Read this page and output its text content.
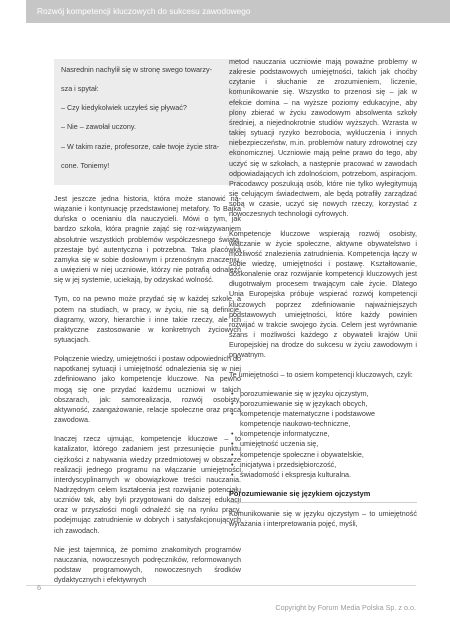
Rozwój kompetencji kluczowych do sukcesu zawodowego

Nasrednin nachylił się w stronę swego towarzy-

sza i spytał:

– Czy kiedykolwiek uczyłeś się pływać?

– Nie – zawołał uczony.

– W takim razie, profesorze, całe twoje życie stra-

cone. Toniemy!

Jest jeszcze jedna historia, która może stanowić na-wiązanie i kontynuację przedstawionej metafory. To Bajka duńska o ocenianiu dla nauczycieli. Mówi o tym, jak bardzo szkoła, która pragnie zająć się roz-wiązywaniem absolutnie wszystkich problemów współczesnego świata, przestaje być autentyczna i potrzebna. Taka placówka zamyka się w sobie dosłownym i przenośnym znaczeniu, a uwięzieni w niej uczniowie, którzy nie potrafią odnaleźć się w jej systemie, uciekają, by odzyskać wolność.

Tym, co na pewno może przydać się w każdej szkole, a potem na studiach, w pracy, w życiu, nie są definicje, diagramy, wzory, hierarchie i inne takie rzeczy, ale ich praktyczne zastosowanie w konkretnych życiowych sytuacjach.

Połączenie wiedzy, umiejętności i postaw odpowiednich do napotkanej sytuacji i umiejętność odnalezienia się w niej zdefiniowano jako kompetencje kluczowe. Na pewno mogą się one przydać każdemu uczniowi w takich obszarach, jak: samorealizacja, rozwój osobisty, aktywność, zaangażowanie, relacje społeczne oraz praca zawodowa.

Inaczej rzecz ujmując, kompetencje kluczowe – to katalizator, którego zadaniem jest przesunięcie punktu ciężkości z nabywania wiedzy przedmiotowej w obszarze realizacji jednego programu na włączanie umiejętności interdyscyplinarnych w obowiązkowe treści nauczania. Nadrzędnym celem kształcenia jest rozwijanie potencjału uczniów tak, aby byli przygotowani do dalszej edukacji oraz w przyszłości mogli odnaleźć się na rynku pracy, podejmując zatrudnienie w dobrych i satysfakcjonujących ich zawodach.

Nie jest tajemnicą, że pomimo znakomitych programów nauczania, nowoczesnych podręczników, reformowanych podstaw programowych, nowoczesnych środków dydaktycznych i efektywnych

metod nauczania uczniowie mają poważne problemy w zakresie podstawowych umiejętności, takich jak choćby czytanie i słuchanie ze zrozumieniem, liczenie, komunikowanie się. Wszystko to przenosi się – jak w efekcie domina – na wyższe poziomy edukacyjne, aby plony zbierać w życiu zawodowym absolwenta szkoły średniej, a niejednokrotnie studiów wyższych. Wzrasta w takiej sytuacji ryzyko bezrobocia, wykluczenia i innych niebezpieczeństw, m.in. problemów natury zdrowotnej czy ekonomicznej. Uczniowie mają pełne prawo do tego, aby uczyć się w szkołach, a następnie pracować w zawodach odpowiadających ich zdolnościom, potrzebom, aspiracjom. Pracodawcy poszukują osób, które nie tylko wyłegitymują się celującym świadectwem, ale będą potrafiły zarządzać sobą w czasie, uczyć się nowych rzeczy, korzystać z nowoczesnych technologii cyfrowych.

Kompetencje kluczowe wspierają rozwój osobisty, włączanie w życie społeczne, aktywne obywatelstwo i możliwość znalezienia zatrudnienia. Kompetencja łączy w sobie wiedzę, umiejętności i postawę. Kształtowanie, doskonalenie oraz rozwijanie kompetencji kluczowych jest długotrwałym procesem trwającym całe życie. Dlatego Unia Europejska próbuje wspierać rozwój kompetencji kluczowych poprzez zdefiniowanie najważniejszych podstawowych umiejętności, które każdy powinien rozwijać w trakcie swojego życia. Celem jest wyrównanie szans i możliwości każdego z obywateli krajów Unii Europejskiej na drodze do sukcesu w życiu zawodowym i prywatnym.

Te umiejętności – to osiem kompetencji kluczowych, czyli:

• porozumiewanie się w języku ojczystym,
• porozumiewanie się w językach obcych,
• kompetencje matematyczne i podstawowe kompetencje naukowo-techniczne,
• kompetencje informatyczne,
• umiejętność uczenia się,
• kompetencje społeczne i obywatelskie,
• inicjatywa i przedsiębiorczość,
• świadomość i ekspresja kulturalna.
Porozumiewanie się językiem ojczystym

Komunikowanie się w języku ojczystym – to umiejętność wyrażania i interpretowania pojęć, myśli,

6
Copyright by Forum Media Polska Sp. z o.o.
